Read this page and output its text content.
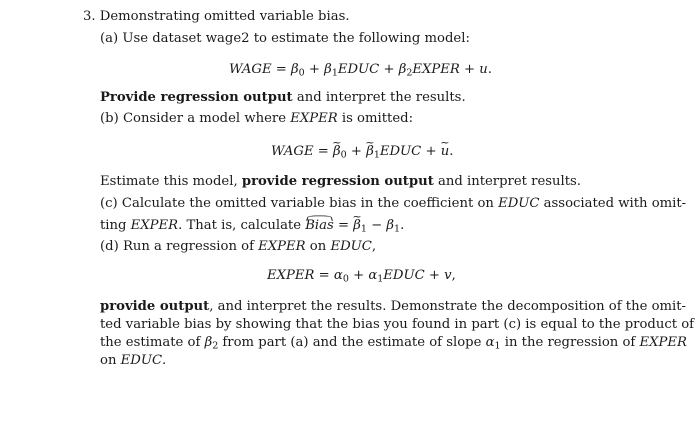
3. Demonstrating omitted variable bias.
(a) Use dataset wage2 to estimate the following model:
WAGE = $\beta_0$ + $\beta_1EDUC$ + $\beta_2EXPER + u$.
Provide regression output and interpret the results.
(b) Consider a model where EXPER is omitted:
WAGE = ~ $\beta_0$ + ~ $\beta_1EDUC$ + ~ u.
Estimate this model, provide regression output and interpret results.
(c) Calculate the omitted variable bias in the coefficient on EDUC associated with omit-
ting EXPER. That is, calculate Bias = ~ $\beta_1 - \beta_1$.
(d) Run a regression of EXPER on EDUC,
EXPER = $\alpha_0$ + $\alpha_1EDUC + v$,
provide output, and interpret the results. Demonstrate the decomposition of the omit-
ted variable bias by showing that the bias you found in part (c) is equal to the product of
the estimate of $\beta_2$ from part (a) and the estimate of slope $\alpha_1$ in the regression of EXPER
on EDUC.
